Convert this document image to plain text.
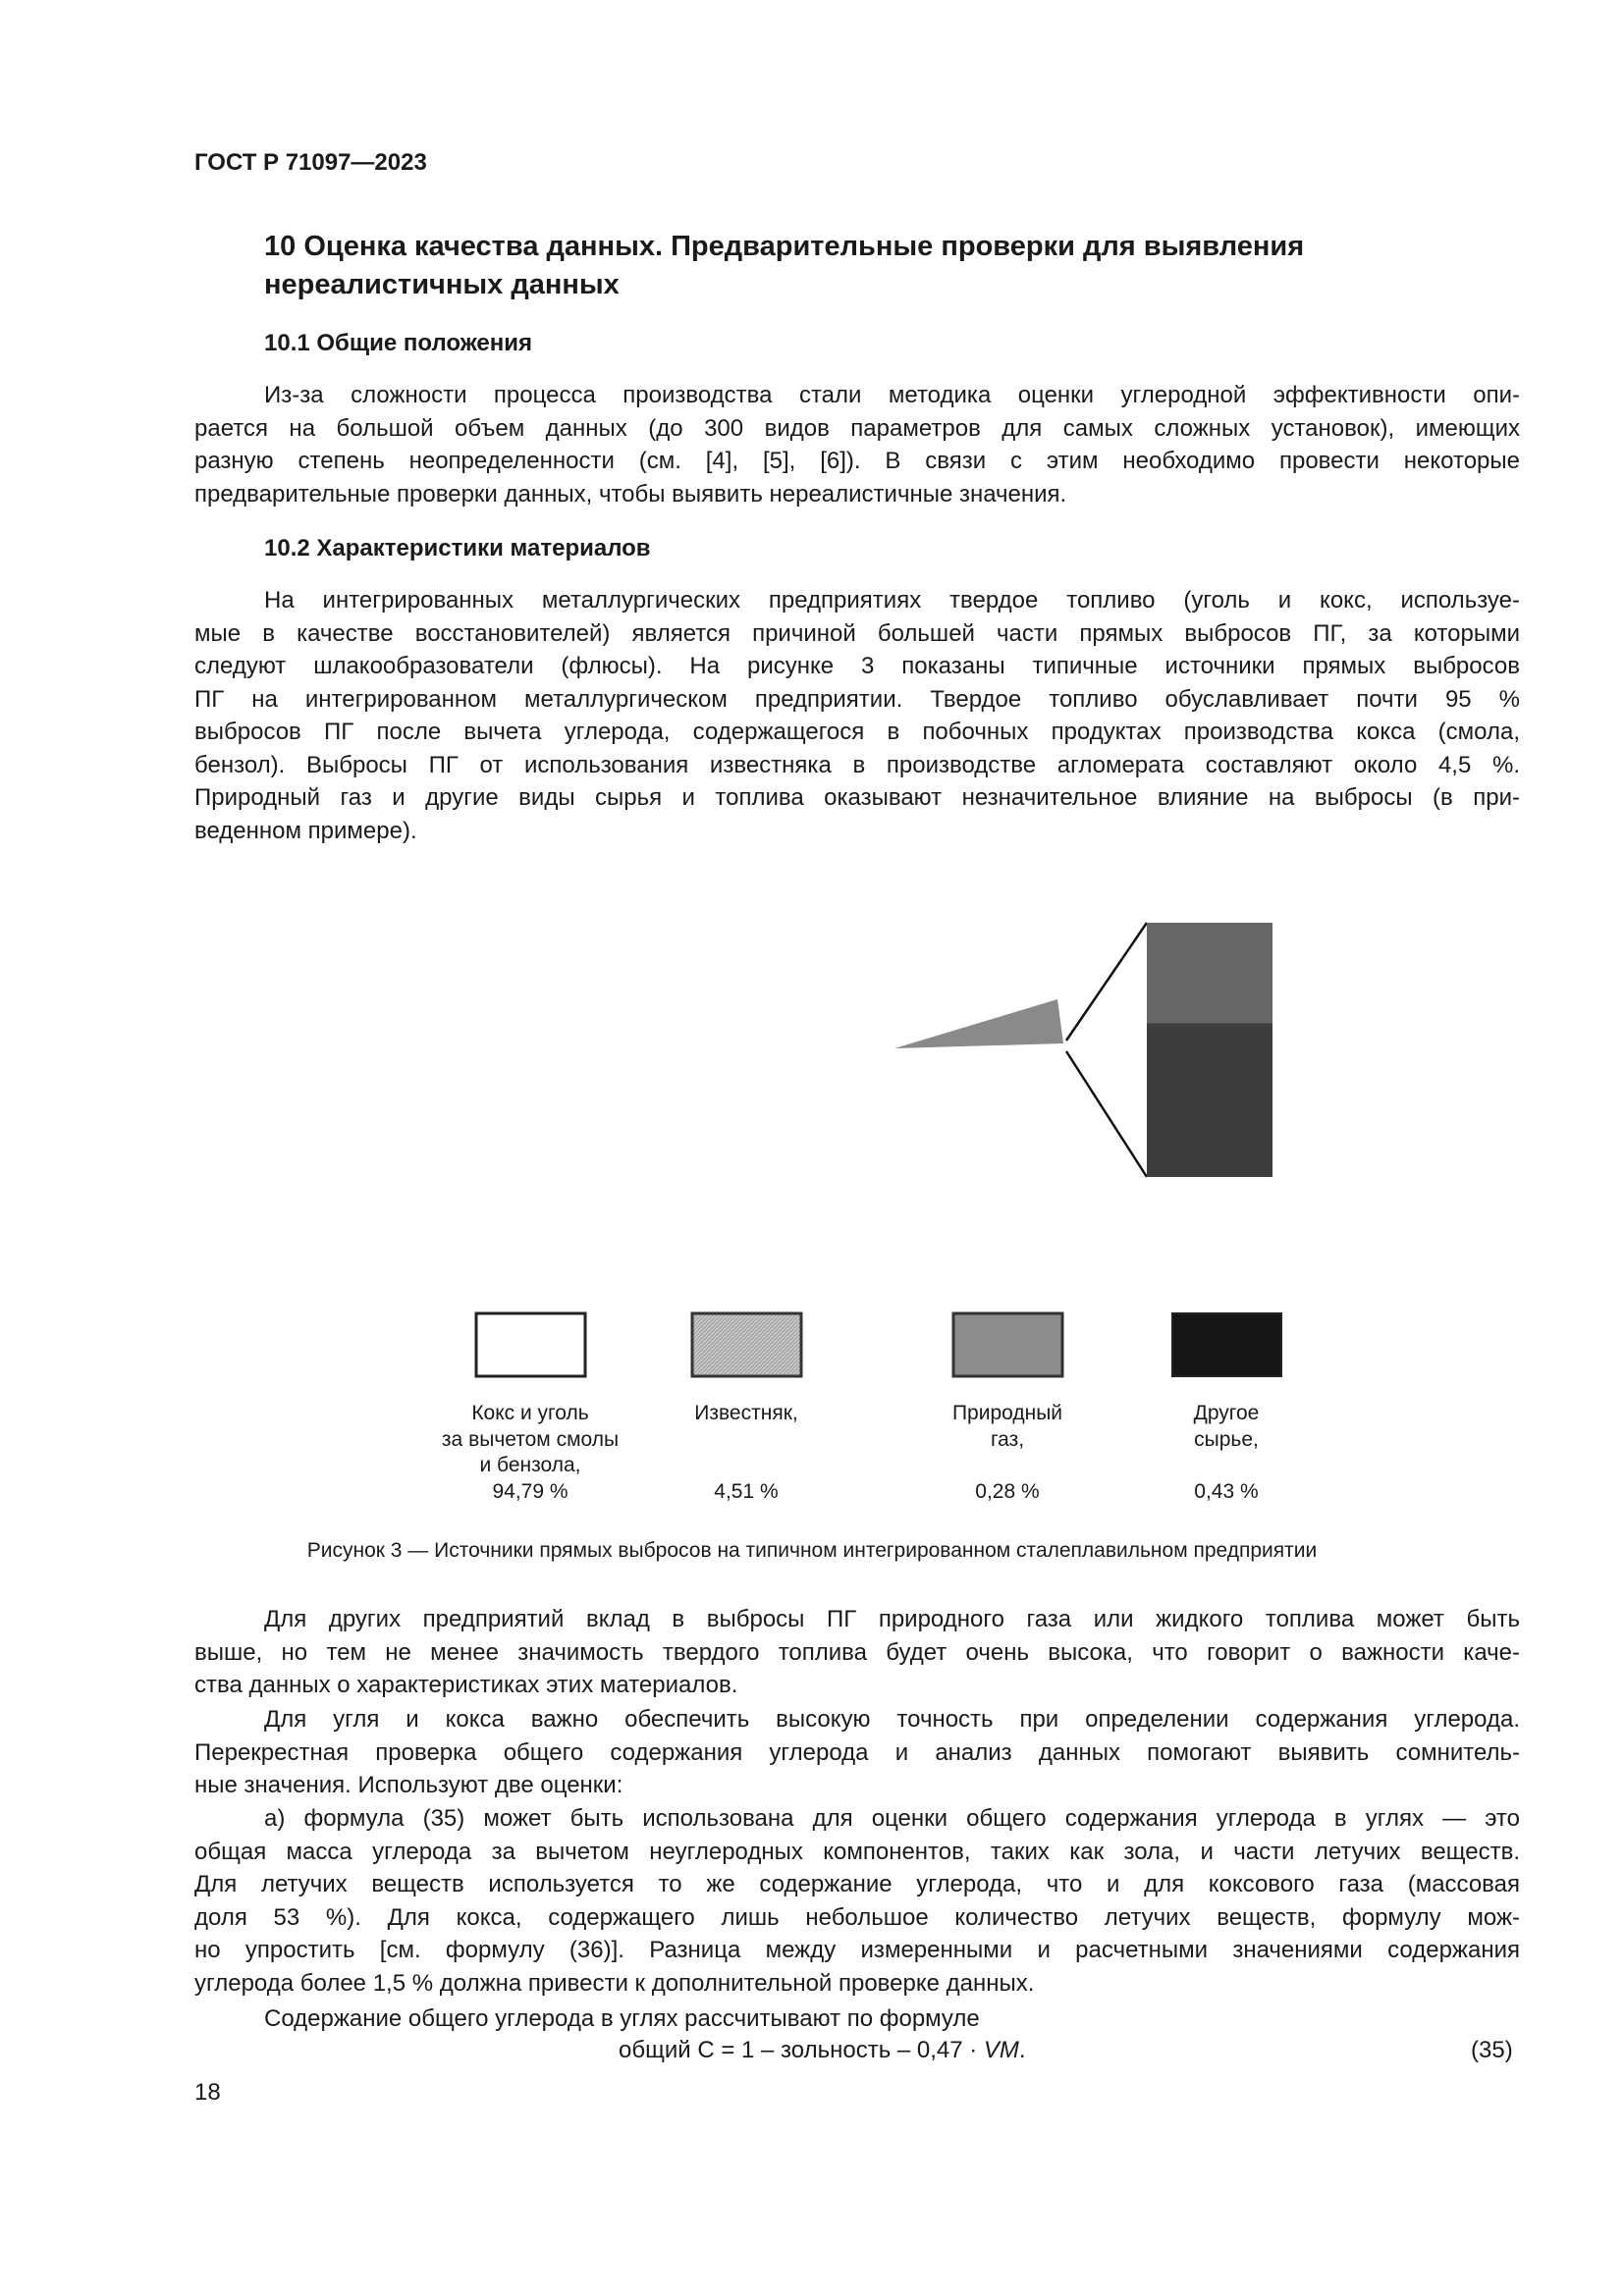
ГОСТ Р 71097—2023
10 Оценка качества данных. Предварительные проверки для выявления
нереалистичных данных
10.1 Общие положения
Из-за сложности процесса производства стали методика оценки углеродной эффективности опи-
рается на большой объем данных (до 300 видов параметров для самых сложных установок), имеющих
разную степень неопределенности (см. [4], [5], [6]). В связи с этим необходимо провести некоторые
предварительные проверки данных, чтобы выявить нереалистичные значения.
10.2 Характеристики материалов
На интегрированных металлургических предприятиях твердое топливо (уголь и кокс, используе-
мые в качестве восстановителей) является причиной большей части прямых выбросов ПГ, за которыми
следуют шлакообразователи (флюсы). На рисунке 3 показаны типичные источники прямых выбросов
ПГ на интегрированном металлургическом предприятии. Твердое топливо обуславливает почти 95 %
выбросов ПГ после вычета углерода, содержащегося в побочных продуктах производства кокса (смола,
бензол). Выбросы ПГ от использования известняка в производстве агломерата составляют около 4,5 %.
Природный газ и другие виды сырья и топлива оказывают незначительное влияние на выбросы (в при-
веденном примере).
Кокс и уголь
за вычетом смолы
и бензола,
94,79 %
Известняк,
4,51 %
Природный
газ,
0,28 %
Другое
сырье,
0,43 %
Рисунок 3 — Источники прямых выбросов на типичном интегрированном сталеплавильном предприятии
Для других предприятий вклад в выбросы ПГ природного газа или жидкого топлива может быть
выше, но тем не менее значимость твердого топлива будет очень высока, что говорит о важности каче-
ства данных о характеристиках этих материалов.
Для угля и кокса важно обеспечить высокую точность при определении содержания углерода.
Перекрестная проверка общего содержания углерода и анализ данных помогают выявить сомнитель-
ные значения. Используют две оценки:
а) формула (35) может быть использована для оценки общего содержания углерода в углях — это
общая масса углерода за вычетом неуглеродных компонентов, таких как зола, и части летучих веществ.
Для летучих веществ используется то же содержание углерода, что и для коксового газа (массовая
доля 53 %). Для кокса, содержащего лишь небольшое количество летучих веществ, формулу мож-
но упростить [см. формулу (36)]. Разница между измеренными и расчетными значениями содержания
углерода более 1,5 % должна привести к дополнительной проверке данных.
Содержание общего углерода в углях рассчитывают по формуле
общий С = 1 – зольность – 0,47 · VM.	(35)
18
